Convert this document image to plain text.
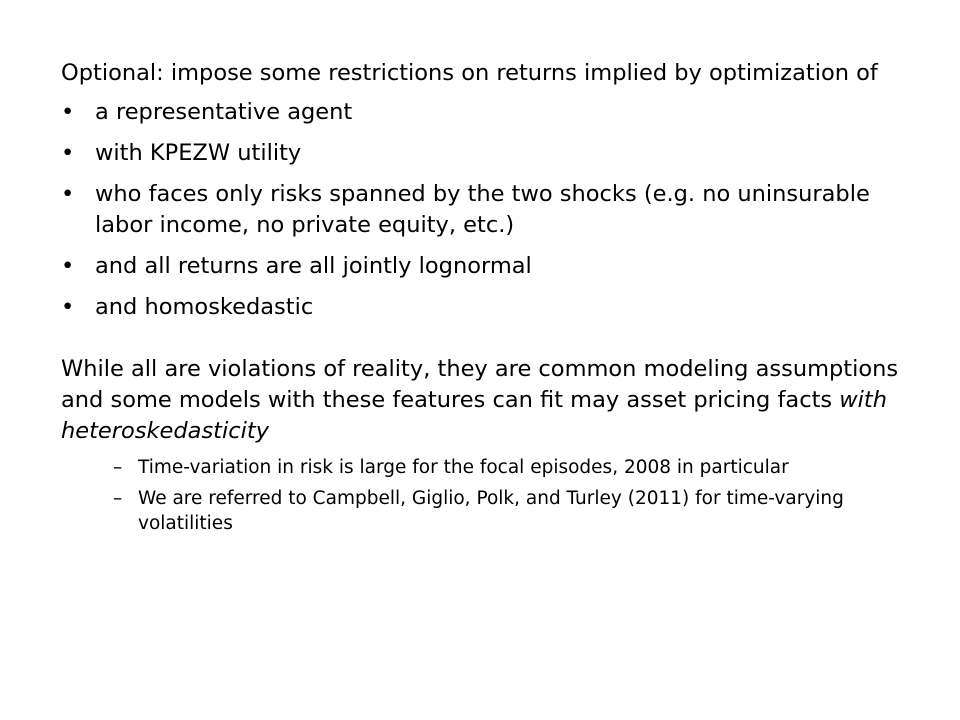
Optional: impose some restrictions on returns implied by optimization of

• a representative agent
• with KPEZW utility
• who faces only risks spanned by the two shocks (e.g. no uninsurable labor income, no private equity, etc.)
• and all returns are all jointly lognormal
• and homoskedastic

While all are violations of reality, they are common modeling assumptions and some models with these features can fit may asset pricing facts with heteroskedasticity

– Time-variation in risk is large for the focal episodes, 2008 in particular
– We are referred to Campbell, Giglio, Polk, and Turley (2011) for time-varying volatilities
